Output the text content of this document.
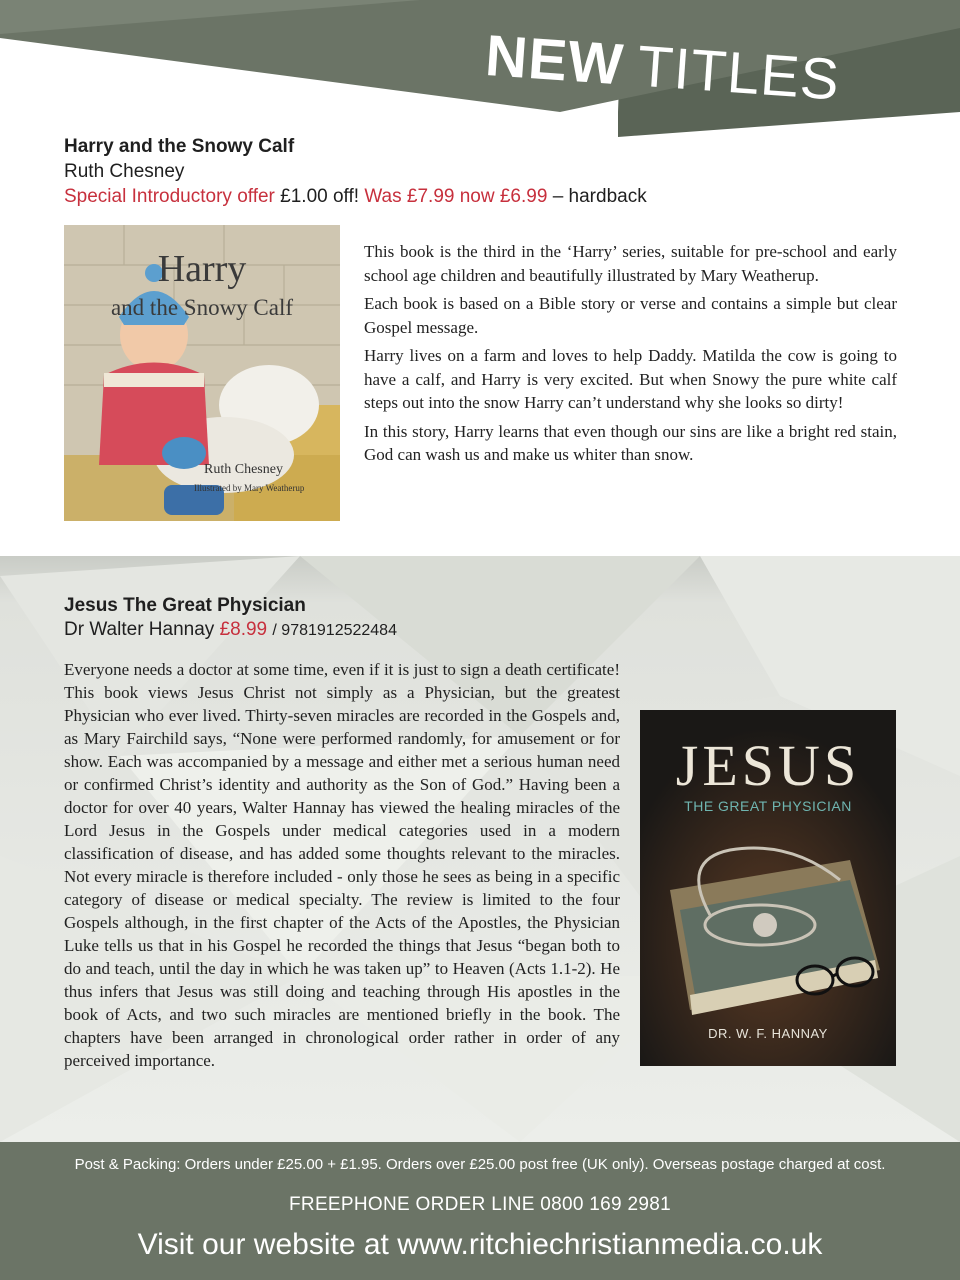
NEW TITLES
Harry and the Snowy Calf
Ruth Chesney
Special Introductory offer £1.00 off! Was £7.99 now £6.99 – hardback
Harry
and the Snowy Calf
Ruth Chesney
Illustrated by Mary Weatherup

This book is the third in the ‘Harry’ series, suitable for pre-school and early school age children and beautifully illustrated by Mary Weatherup.

Each book is based on a Bible story or verse and contains a simple but clear Gospel message.

Harry lives on a farm and loves to help Daddy. Matilda the cow is going to have a calf, and Harry is very excited. But when Snowy the pure white calf steps out into the snow Harry can’t understand why she looks so dirty!

In this story, Harry learns that even though our sins are like a bright red stain, God can wash us and make us whiter than snow.

Jesus The Great Physician
Dr Walter Hannay £8.99 / 9781912522484

Everyone needs a doctor at some time, even if it is just to sign a death certificate! This book views Jesus Christ not simply as a Physician, but the greatest Physician who ever lived. Thirty-seven miracles are recorded in the Gospels and, as Mary Fairchild says, “None were performed randomly, for amusement or for show. Each was accompanied by a message and either met a serious human need or confirmed Christ’s identity and authority as the Son of God.” Having been a doctor for over 40 years, Walter Hannay has viewed the healing miracles of the Lord Jesus in the Gospels under medical categories used in a modern classification of disease, and has added some thoughts relevant to the miracles. Not every miracle is therefore included - only those he sees as being in a specific category of disease or medical specialty. The review is limited to the four Gospels although, in the first chapter of the Acts of the Apostles, the Physician Luke tells us that in his Gospel he recorded the things that Jesus “began both to do and teach, until the day in which he was taken up” to Heaven (Acts 1.1-2). He thus infers that Jesus was still doing and teaching through His apostles in the book of Acts, and two such miracles are mentioned briefly in the book. The chapters have been arranged in chronological order rather in order of any perceived importance.

JESUS
THE GREAT PHYSICIAN
DR. W. F. HANNAY
Post & Packing: Orders under £25.00 + £1.95. Orders over £25.00 post free (UK only). Overseas postage charged at cost.
FREEPHONE ORDER LINE 0800 169 2981
Visit our website at www.ritchiechristianmedia.co.uk
